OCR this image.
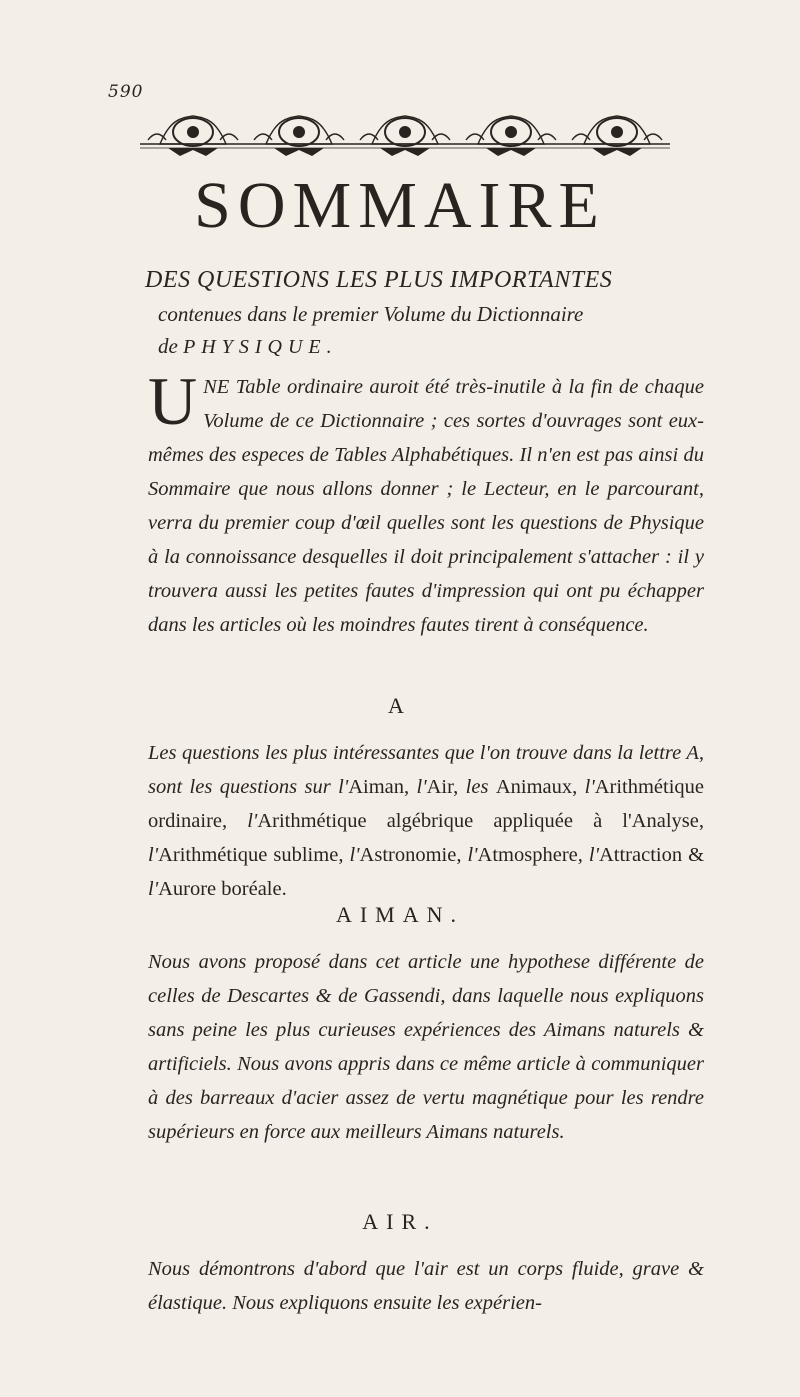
590
SOMMAIRE

DES QUESTIONS LES PLUS IMPORTANTES

contenues dans le premier Volume du Dictionnaire

de PHYSIQUE.

UNE Table ordinaire auroit été très-inutile à la fin de chaque Volume de ce Dictionnaire ; ces sortes d'ouvrages sont eux-mêmes des especes de Tables Alphabétiques. Il n'en est pas ainsi du Sommaire que nous allons donner ; le Lecteur, en le parcourant, verra du premier coup d'œil quelles sont les questions de Physique à la connoissance desquelles il doit principalement s'attacher : il y trouvera aussi les petites fautes d'impression qui ont pu échapper dans les articles où les moindres fautes tirent à conséquence.

A

Les questions les plus intéressantes que l'on trouve dans la lettre A, sont les questions sur l'Aiman, l'Air, les Animaux, l'Arithmétique ordinaire, l'Arithmétique algébrique appliquée à l'Analyse, l'Arithmétique sublime, l'Astronomie, l'Atmosphere, l'Attraction & l'Aurore boréale.

AIMAN.

Nous avons proposé dans cet article une hypothese différente de celles de Descartes & de Gassendi, dans laquelle nous expliquons sans peine les plus curieuses expériences des Aimans naturels & artificiels. Nous avons appris dans ce même article à communiquer à des barreaux d'acier assez de vertu magnétique pour les rendre supérieurs en force aux meilleurs Aimans naturels.

AIR.

Nous démontrons d'abord que l'air est un corps fluide, grave & élastique. Nous expliquons ensuite les expérien-
